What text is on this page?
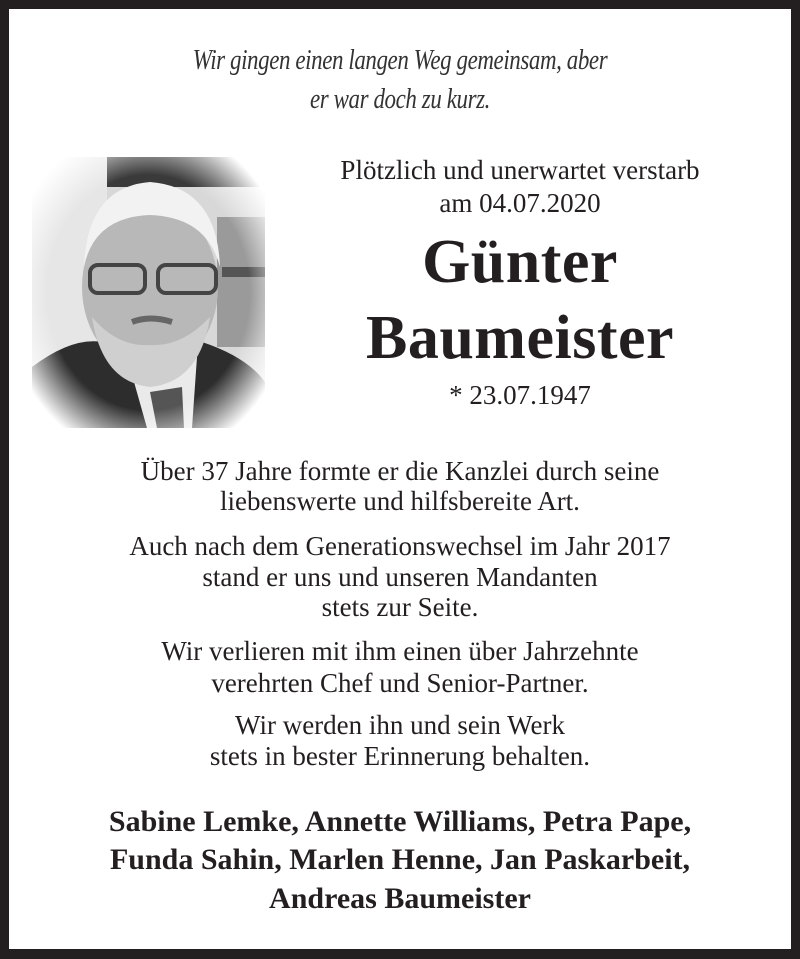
Wir gingen einen langen Weg gemeinsam, aber
er war doch zu kurz.
Plötzlich und unerwartet verstarb
am 04.07.2020
Günter
Baumeister
* 23.07.1947
Über 37 Jahre formte er die Kanzlei durch seine
liebenswerte und hilfsbereite Art.
Auch nach dem Generationswechsel im Jahr 2017
stand er uns und unseren Mandanten
stets zur Seite.
Wir verlieren mit ihm einen über Jahrzehnte
verehrten Chef und Senior-Partner.
Wir werden ihn und sein Werk
stets in bester Erinnerung behalten.
Sabine Lemke, Annette Williams, Petra Pape,
Funda Sahin, Marlen Henne, Jan Paskarbeit,
Andreas Baumeister
